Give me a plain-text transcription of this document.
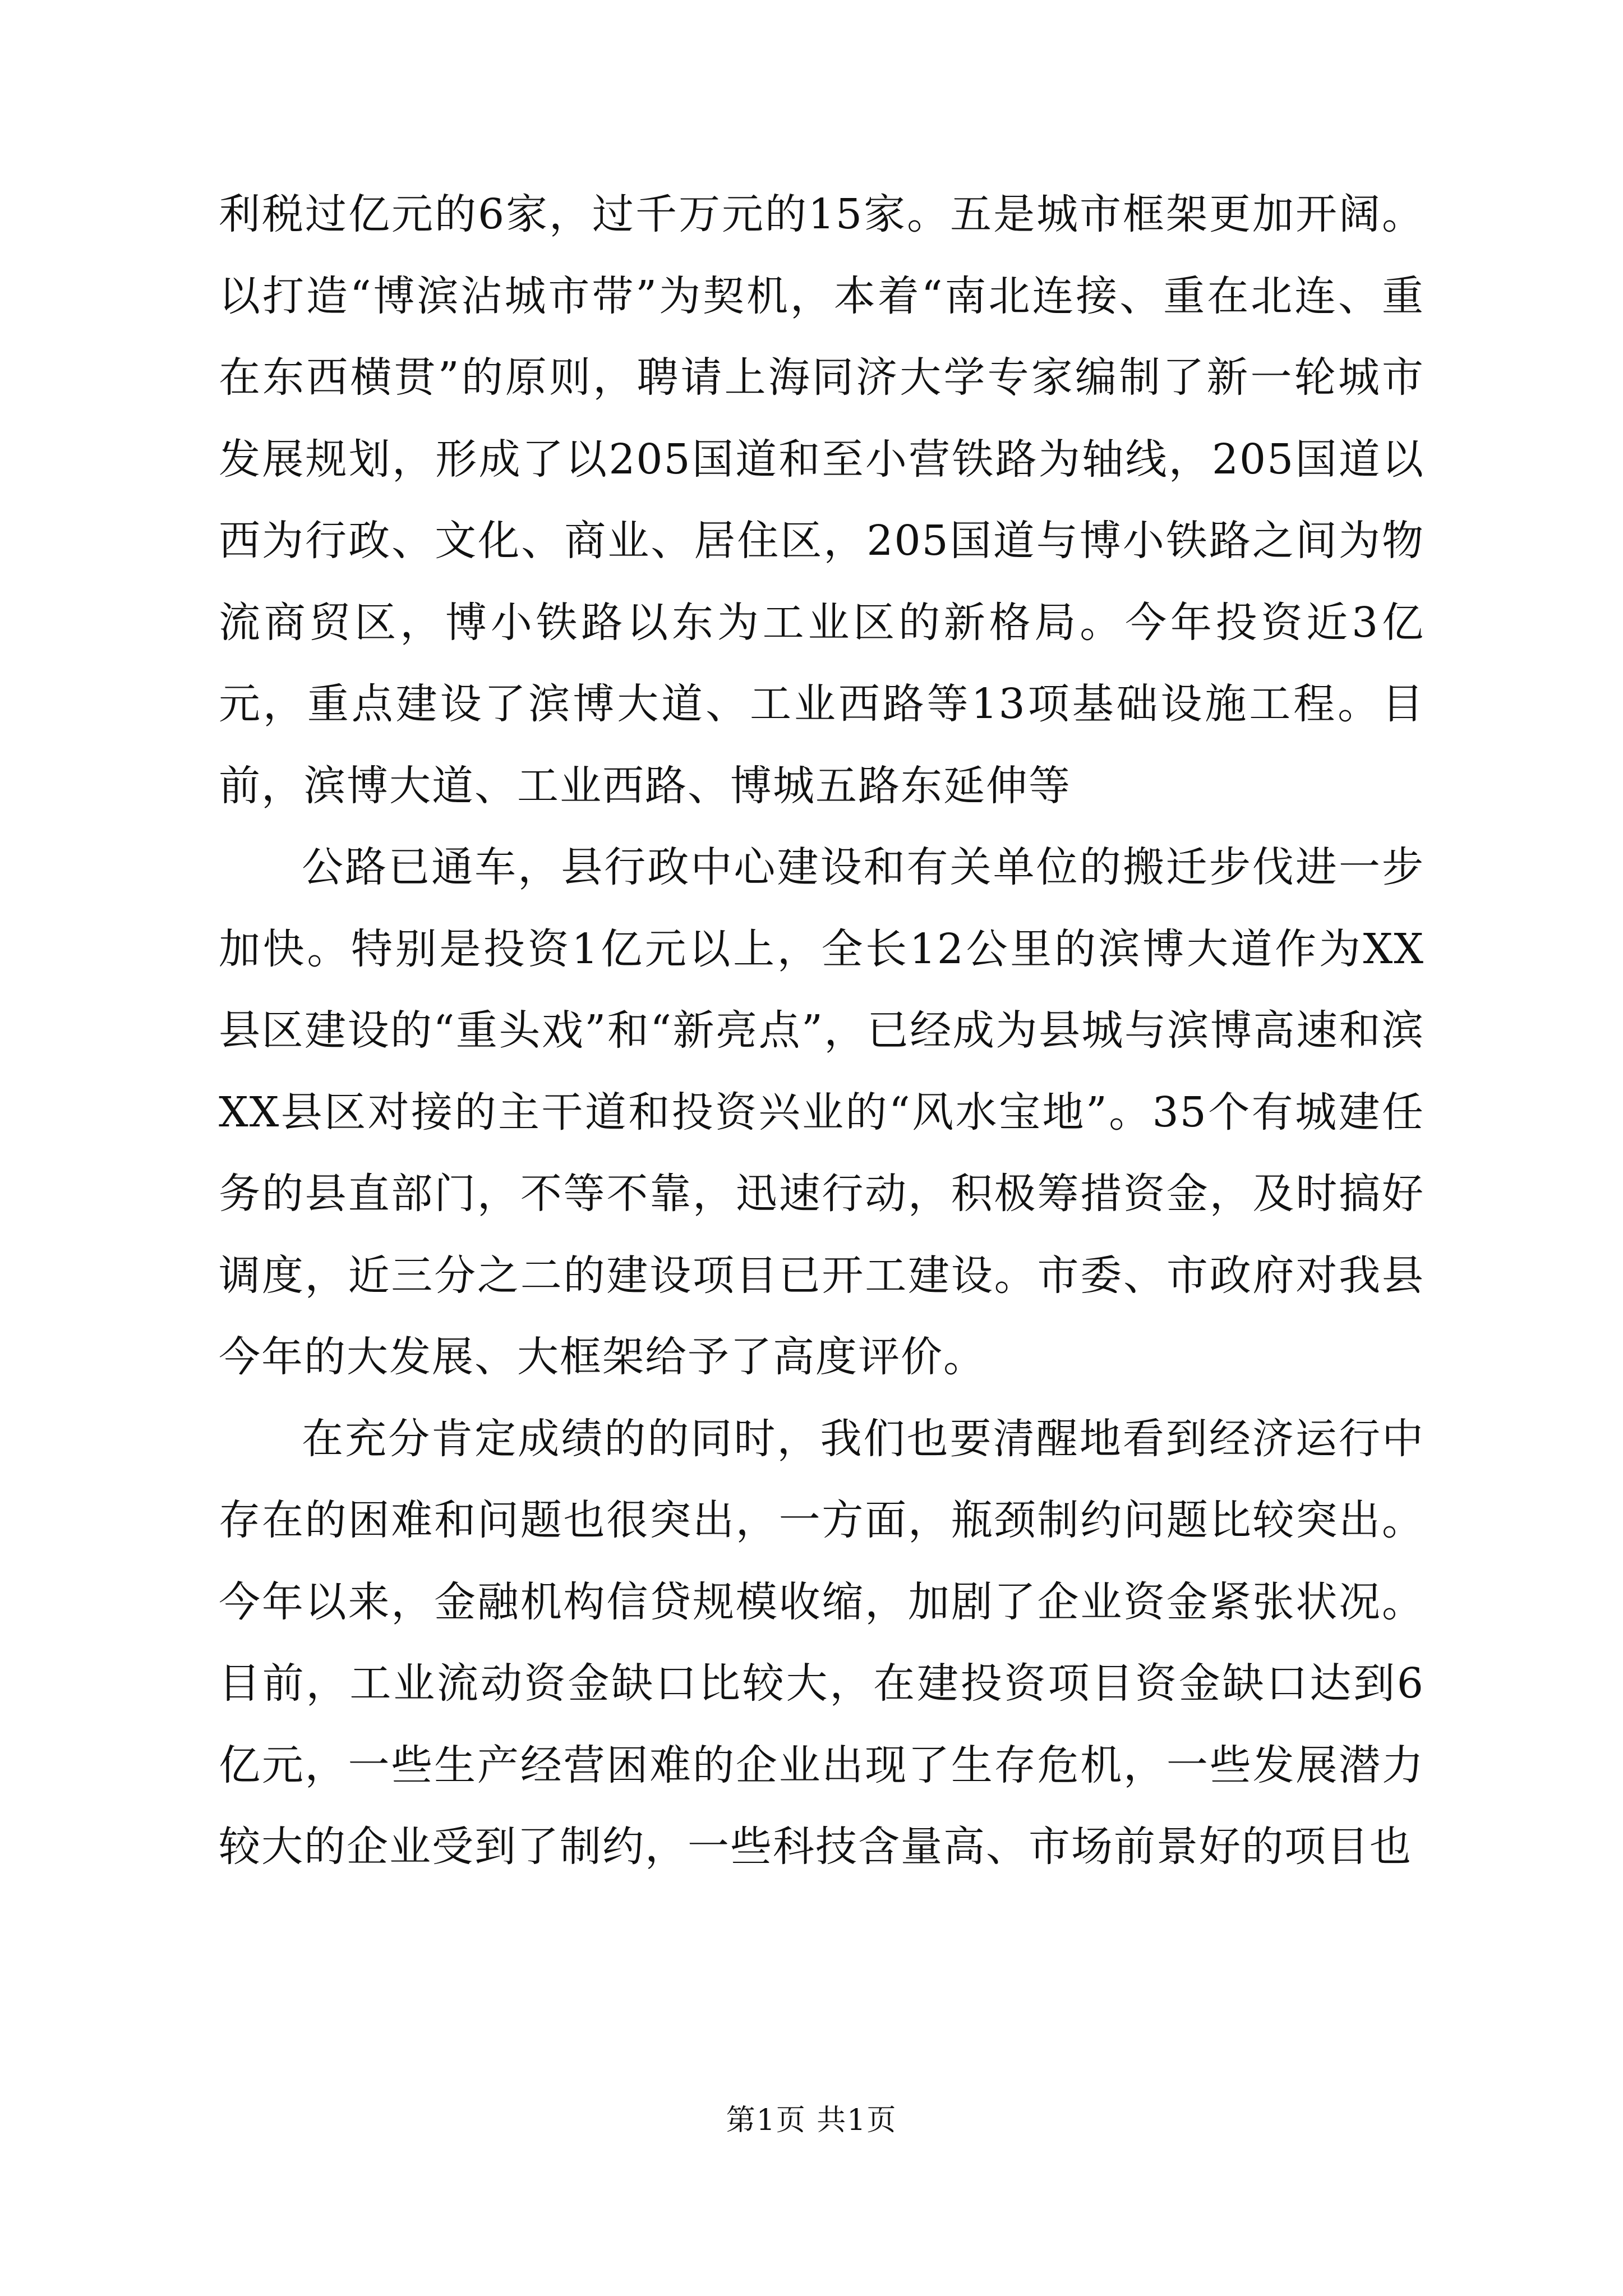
利税过亿元的6家，过千万元的15家。五是城市框架更加开阔。以打造“博滨沾城市带”为契机，本着“南北连接、重在北连、重在东西横贯”的原则，聘请上海同济大学专家编制了新一轮城市发展规划，形成了以205国道和至小营铁路为轴线，205国道以西为行政、文化、商业、居住区，205国道与博小铁路之间为物流商贸区，博小铁路以东为工业区的新格局。今年投资近3亿元，重点建设了滨博大道、工业西路等13项基础设施工程。目前，滨博大道、工业西路、博城五路东延伸等

公路已通车，县行政中心建设和有关单位的搬迁步伐进一步加快。特别是投资1亿元以上，全长12公里的滨博大道作为XX县区建设的“重头戏”和“新亮点”，已经成为县城与滨博高速和滨XX县区对接的主干道和投资兴业的“风水宝地”。35个有城建任务的县直部门，不等不靠，迅速行动，积极筹措资金，及时搞好调度，近三分之二的建设项目已开工建设。市委、市政府对我县今年的大发展、大框架给予了高度评价。

在充分肯定成绩的的同时，我们也要清醒地看到经济运行中存在的困难和问题也很突出，一方面，瓶颈制约问题比较突出。今年以来，金融机构信贷规模收缩，加剧了企业资金紧张状况。目前，工业流动资金缺口比较大，在建投资项目资金缺口达到6亿元，一些生产经营困难的企业出现了生存危机，一些发展潜力较大的企业受到了制约，一些科技含量高、市场前景好的项目也

第1页 共1页
